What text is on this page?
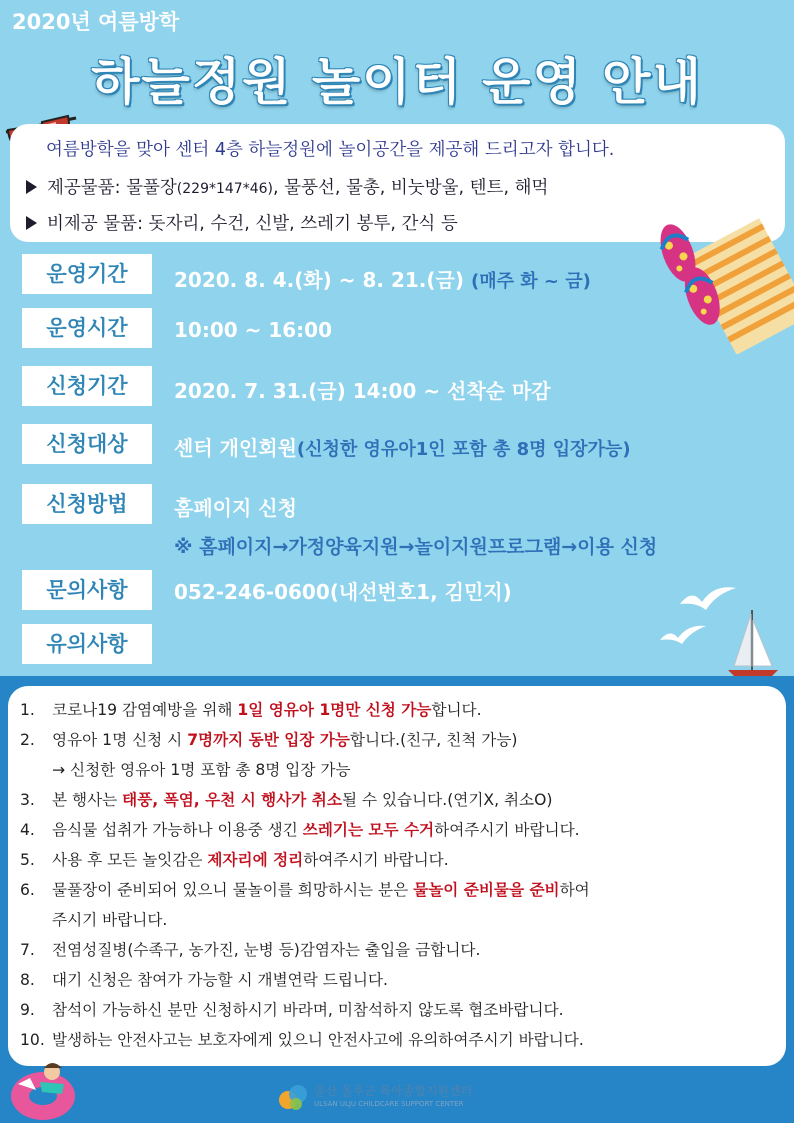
2020년 여름방학
하늘정원 놀이터 운영 안내
여름방학을 맞아 센터 4층 하늘정원에 놀이공간을 제공해 드리고자 합니다.
제공물품: 물풀장(229*147*46), 물풍선, 물총, 비눗방울, 텐트, 해먹
비제공 물품: 돗자리, 수건, 신발, 쓰레기 봉투, 간식 등
운영기간	2020. 8. 4.(화) ~ 8. 21.(금) (매주 화 ~ 금)
운영시간	10:00 ~ 16:00
신청기간	2020. 7. 31.(금) 14:00 ~ 선착순 마감
신청대상	센터 개인회원(신청한 영유아1인 포함 총 8명 입장가능)
신청방법	홈페이지 신청
※ 홈페이지→가정양육지원→놀이지원프로그램→이용 신청
문의사항	052-246-0600(내선번호1, 김민지)
유의사항
1. 코로나19 감염예방을 위해 1일 영유아 1명만 신청 가능합니다.
2. 영유아 1명 신청 시 7명까지 동반 입장 가능합니다.(친구, 친척 가능)
→ 신청한 영유아 1명 포함 총 8명 입장 가능
3. 본 행사는 태풍, 폭염, 우천 시 행사가 취소될 수 있습니다.(연기X, 취소O)
4. 음식물 섭취가 가능하나 이용중 생긴 쓰레기는 모두 수거하여주시기 바랍니다.
5. 사용 후 모든 놀잇감은 제자리에 정리하여주시기 바랍니다.
6. 물풀장이 준비되어 있으니 물놀이를 희망하시는 분은 물놀이 준비물을 준비하여
주시기 바랍니다.
7. 전염성질병(수족구, 농가진, 눈병 등)감염자는 출입을 금합니다.
8. 대기 신청은 참여가 가능할 시 개별연락 드립니다.
9. 참석이 가능하신 분만 신청하시기 바라며, 미참석하지 않도록 협조바랍니다.
10. 발생하는 안전사고는 보호자에게 있으니 안전사고에 유의하여주시기 바랍니다.
울산 울주군 육아종합지원센터
ULSAN ULJU CHILDCARE SUPPORT CENTER
